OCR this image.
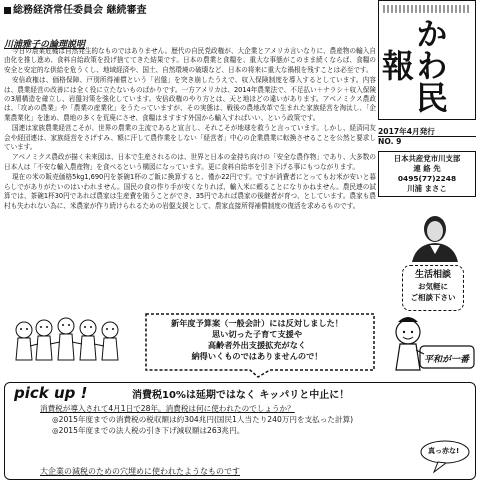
総務経済常任委員会 継続審査
かわ民報
川浦雅子の論理説明

今日の農業危機は自然発生的なものではありません。歴代の自民党政権が、大企業とアメリカ言いなりに、農産物の輸入自由化を推し進め、食料自給政策を投げ捨ててきた結果です。日本の農業と食糧を、重大な事態がこのまま続くならば、食糧の安全と安定的な供給を危うくし、地域経済や、国土、自然環境の破壊など、日本の将来に重大な禍根を残すことは必至です。

安倍政権は、価格保障、戸別所得補償という「岩盤」を突き崩したうえで、収入保険制度を導入するとしています。内容は、農業経営の改善には全く役に立たないものばかりです。一方アメリカは、2014年農業法で、不足払い＋ナラシ＋収入保険の3層構造を確立し、岩盤対策を強化しています。安倍政権のやり方とは、天と地ほどの違いがあります。アベノミクス農政は、「攻めの農業」や「農業の産業化」をうたっていますが、その実態は、戦後の農地改革で生まれた家族経営を淘汰し、「企業農業化」を進め、農地の多くを荒廃にさせ、食糧はますます外国から輸入すればいい、という政策です。

国連は家族農業経営こそが、世界の農業の主流であると宣言し、それこそが地球を救うと言っています。しかし、経済同友会や経団連は、家族経営をさげすみ、額に汗して農作業をしない「経営者」中心の企業農業に転換させることを公然と要求しています。

アベノミクス農政が描く未来図は、日本で生産されるのは、世界と日本の金持ち向けの「安全な農作物」であり、大多数の日本人は「不安な輸入農産物」を食べるという構図になっています。更に食料自給率を引き下げる事にもつながります。

現在の米の販売価格5kg1,690円を茶碗1杯のご飯に換算すると、僅か22円です。ですが消費者にとってもお米が安いと暮らしでがありがたいのはいわれません。国民の食の作り手が安くなりれば、輸入米に頼ることになりかねません。農民連の試算では、茶碗1杯30円であれば農家は生産費を賄うことができ、35円であれば農家の後継者が育つ、としています。農家も農村も失われない為に、米農家が作り続けられるための岩盤支援として、農家直接所得補償制度の復活を求めるものです。

2017年4月発行
NO. 9
日本共産党市川支部
連 絡 先
0495(77)2248
川浦 まさこ
生活相談
お気軽に
ご相談下さい
新年度予算案（一般会計）には反対しました！
思い切った子育て支援や
高齢者外出支援拡充がなく
納得いくものではありませんので！	平和が一番
pick up !	消費税10%は延期ではなく キッパリと中止に！
消費税が導入されて4月1日で28年。消費税は何に使われたのでしょうか？
◎2015年度までの消費税の税収額は約304兆円(国民1人当たり240万円を支払った計算)
◎2015年度までの法人税の引き下げ減収額は263兆円。
大企業の減税のための穴埋めに使われたようなものです
真っ赤な!
